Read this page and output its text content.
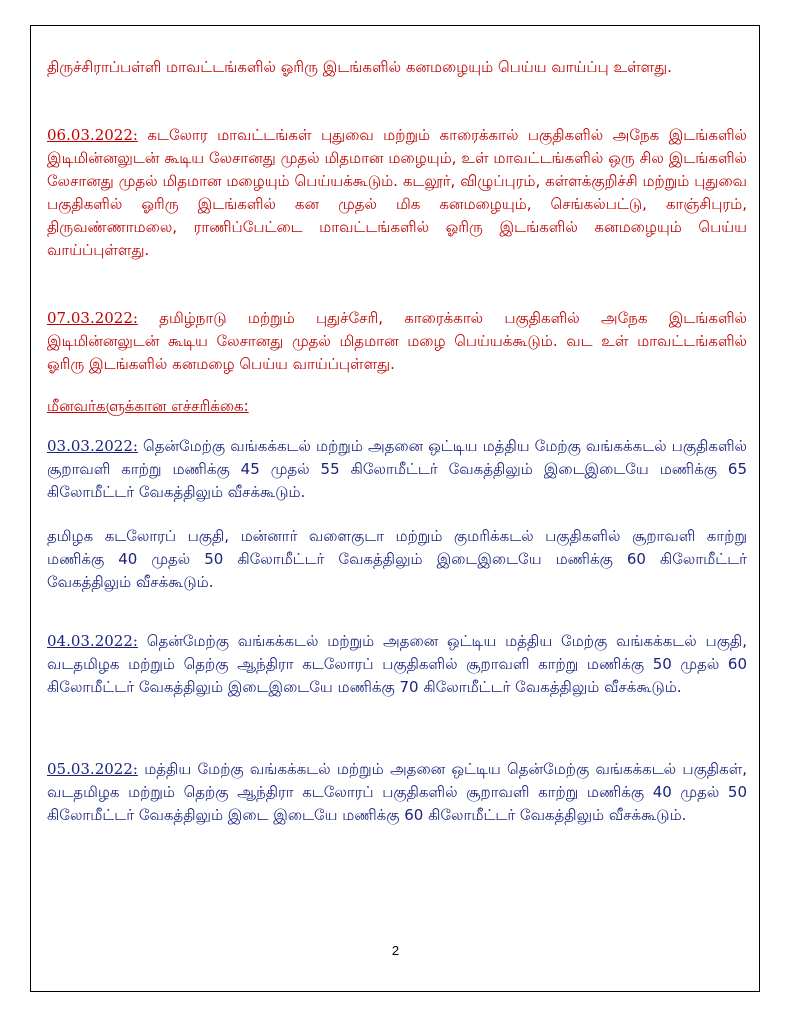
திருச்சிராப்பள்ளி மாவட்டங்களில் ஓரிரு இடங்களில் கனமழையும் பெய்ய வாய்ப்பு உள்ளது.

06.03.2022: கடலோர மாவட்டங்கள் புதுவை மற்றும் காரைக்கால் பகுதிகளில் அநேக இடங்களில் இடிமின்னலுடன் கூடிய லேசானது முதல் மிதமான மழையும், உள் மாவட்டங்களில் ஒரு சில இடங்களில் லேசானது முதல் மிதமான மழையும் பெய்யக்கூடும். கடலூர், விழுப்புரம், கள்ளக்குறிச்சி மற்றும் புதுவை பகுதிகளில் ஓரிரு இடங்களில் கன முதல் மிக கனமழையும், செங்கல்பட்டு, காஞ்சிபுரம், திருவண்ணாமலை, ராணிப்பேட்டை மாவட்டங்களில் ஓரிரு இடங்களில் கனமழையும் பெய்ய வாய்ப்புள்ளது.

07.03.2022: தமிழ்நாடு மற்றும் புதுச்சேரி, காரைக்கால் பகுதிகளில் அநேக இடங்களில் இடிமின்னலுடன் கூடிய லேசானது முதல் மிதமான மழை பெய்யக்கூடும். வட உள் மாவட்டங்களில் ஓரிரு இடங்களில் கனமழை பெய்ய வாய்ப்புள்ளது.

மீனவர்களுக்கான எச்சரிக்கை:

03.03.2022: தென்மேற்கு வங்கக்கடல் மற்றும் அதனை ஒட்டிய மத்திய மேற்கு வங்கக்கடல் பகுதிகளில் சூறாவளி காற்று மணிக்கு 45 முதல் 55 கிலோமீட்டர் வேகத்திலும் இடைஇடையே மணிக்கு 65 கிலோமீட்டர் வேகத்திலும் வீசக்கூடும்.

தமிழக கடலோரப் பகுதி, மன்னார் வளைகுடா மற்றும் குமரிக்கடல் பகுதிகளில் சூறாவளி காற்று மணிக்கு 40 முதல் 50 கிலோமீட்டர் வேகத்திலும் இடைஇடையே மணிக்கு 60 கிலோமீட்டர் வேகத்திலும் வீசக்கூடும்.

04.03.2022: தென்மேற்கு வங்கக்கடல் மற்றும் அதனை ஒட்டிய மத்திய மேற்கு வங்கக்கடல் பகுதி, வடதமிழக மற்றும் தெற்கு ஆந்திரா கடலோரப் பகுதிகளில் சூறாவளி காற்று மணிக்கு 50 முதல் 60 கிலோமீட்டர் வேகத்திலும் இடைஇடையே மணிக்கு 70 கிலோமீட்டர் வேகத்திலும் வீசக்கூடும்.

05.03.2022: மத்திய மேற்கு வங்கக்கடல் மற்றும் அதனை ஒட்டிய தென்மேற்கு வங்கக்கடல் பகுதிகள், வடதமிழக மற்றும் தெற்கு ஆந்திரா கடலோரப் பகுதிகளில் சூறாவளி காற்று மணிக்கு 40 முதல் 50 கிலோமீட்டர் வேகத்திலும் இடை இடையே மணிக்கு 60 கிலோமீட்டர் வேகத்திலும் வீசக்கூடும்.

2
